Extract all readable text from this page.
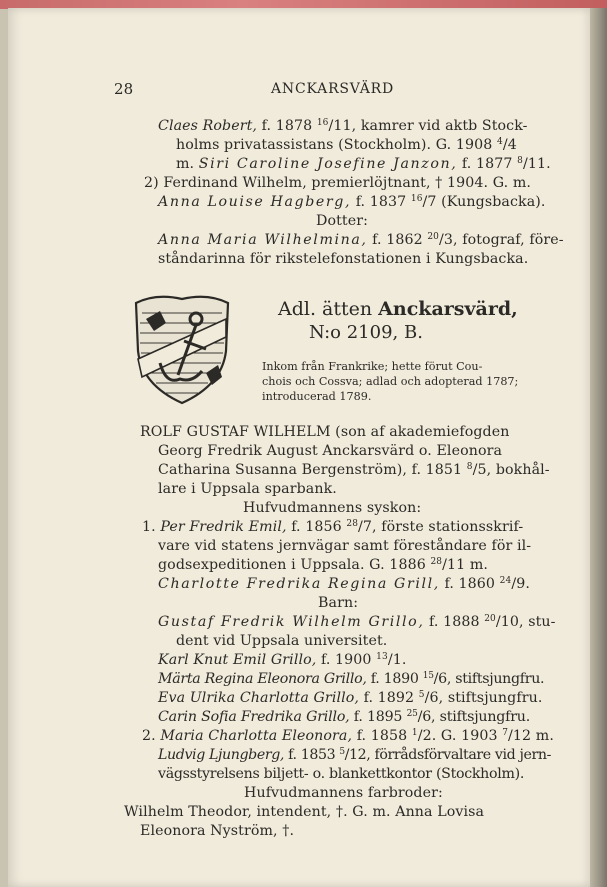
28	ANCKARSVÄRD
Claes Robert, f. 1878 $^{16}$/11, kamrer vid aktb Stock-
holms privatassistans (Stockholm). G. 1908 $^4$/4
m. Siri Caroline Josefine Janzon, f. 1877 $^8$/11.
2) Ferdinand Wilhelm, premierlöjtnant, † 1904. G. m.
Anna Louise Hagberg, f. 1837 $^{16}$/7 (Kungsbacka).
Dotter:
Anna Maria Wilhelmina, f. 1862 $^{20}$/3, fotograf, före-
ståndarinna för rikstelefonstationen i Kungsbacka.
Adl. ätten Anckarsvärd,
N:o 2109, B.
Inkom från Frankrike; hette förut Cou-
chois och Cossva; adlad och adopterad 1787;
introducerad 1789.
ROLF GUSTAF WILHELM (son af akademiefogden
Georg Fredrik August Anckarsvärd o. Eleonora
Catharina Susanna Bergenström), f. 1851 $^8$/5, bokhål-
lare i Uppsala sparbank.
Hufvudmannens syskon:
1. Per Fredrik Emil, f. 1856 $^{28}$/7, förste stationsskrif-
vare vid statens jernvägar samt föreståndare för il-
godsexpeditionen i Uppsala. G. 1886 $^{28}$/11 m.
Charlotte Fredrika Regina Grill, f. 1860 $^{24}$/9.
Barn:
Gustaf Fredrik Wilhelm Grillo, f. 1888 $^{20}$/10, stu-
dent vid Uppsala universitet.
Karl Knut Emil Grillo, f. 1900 $^{13}$/1.
Märta Regina Eleonora Grillo, f. 1890 $^{15}$/6, stiftsjungfru.
Eva Ulrika Charlotta Grillo, f. 1892 $^5$/6, stiftsjungfru.
Carin Sofia Fredrika Grillo, f. 1895 $^{25}$/6, stiftsjungfru.
2. Maria Charlotta Eleonora, f. 1858 $^1$/2. G. 1903 $^7$/12 m.
Ludvig Ljungberg, f. 1853 $^5$/12, förrådsförvaltare vid jern-
vägsstyrelsens biljett- o. blankettkontor (Stockholm).
Hufvudmannens farbroder:
Wilhelm Theodor, intendent, †. G. m. Anna Lovisa
Eleonora Nyström, †.
